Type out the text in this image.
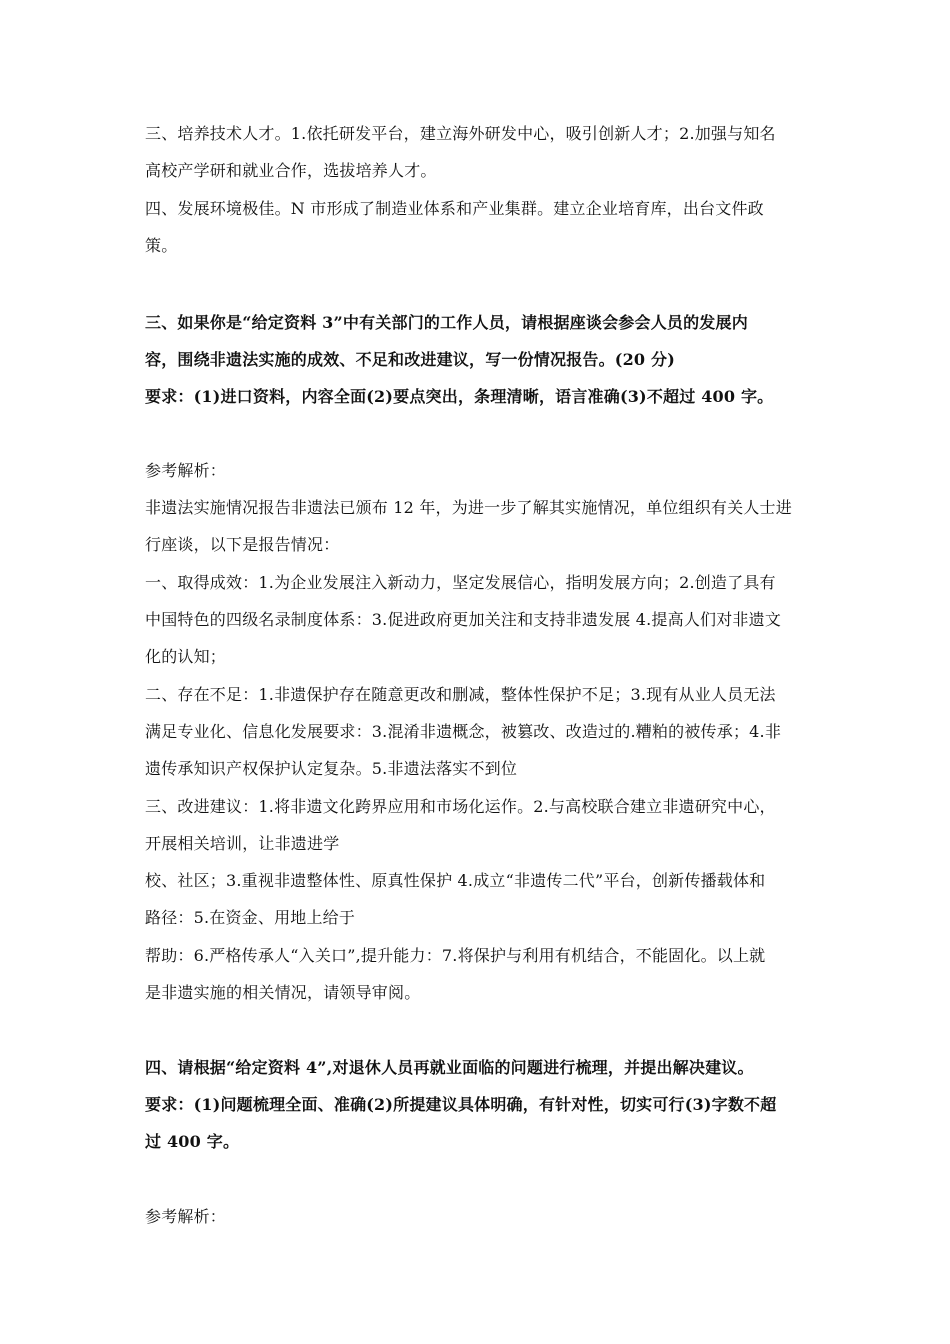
三、培养技术人才。1.依托研发平台，建立海外研发中心，吸引创新人才；2.加强与知名
高校产学研和就业合作，选拔培养人才。
四、发展环境极佳。N 市形成了制造业体系和产业集群。建立企业培育库，出台文件政
策。
三、如果你是“给定资料 3”中有关部门的工作人员，请根据座谈会参会人员的发展内
容，围绕非遗法实施的成效、不足和改进建议，写一份情况报告。(20 分)
要求：(1)进口资料，内容全面(2)要点突出，条理清晰，语言准确(3)不超过 400 字。
参考解析：
非遗法实施情况报告非遗法已颁布 12 年，为进一步了解其实施情况，单位组织有关人士进
行座谈，以下是报告情况：
一、取得成效：1.为企业发展注入新动力，坚定发展信心，指明发展方向；2.创造了具有
中国特色的四级名录制度体系：3.促进政府更加关注和支持非遗发展 4.提高人们对非遗文
化的认知；
二、存在不足：1.非遗保护存在随意更改和删减，整体性保护不足；3.现有从业人员无法
满足专业化、信息化发展要求：3.混淆非遗概念，被篡改、改造过的.糟粕的被传承；4.非
遗传承知识产权保护认定复杂。5.非遗法落实不到位
三、改进建议：1.将非遗文化跨界应用和市场化运作。2.与高校联合建立非遗研究中心，
开展相关培训，让非遗进学
校、社区；3.重视非遗整体性、原真性保护 4.成立“非遗传二代”平台，创新传播载体和
路径：5.在资金、用地上给于
帮助：6.严格传承人“入关口”,提升能力：7.将保护与利用有机结合，不能固化。以上就
是非遗实施的相关情况，请领导审阅。
四、请根据“给定资料 4”,对退休人员再就业面临的问题进行梳理，并提出解决建议。
要求：(1)问题梳理全面、准确(2)所提建议具体明确，有针对性，切实可行(3)字数不超
过 400 字。
参考解析：
